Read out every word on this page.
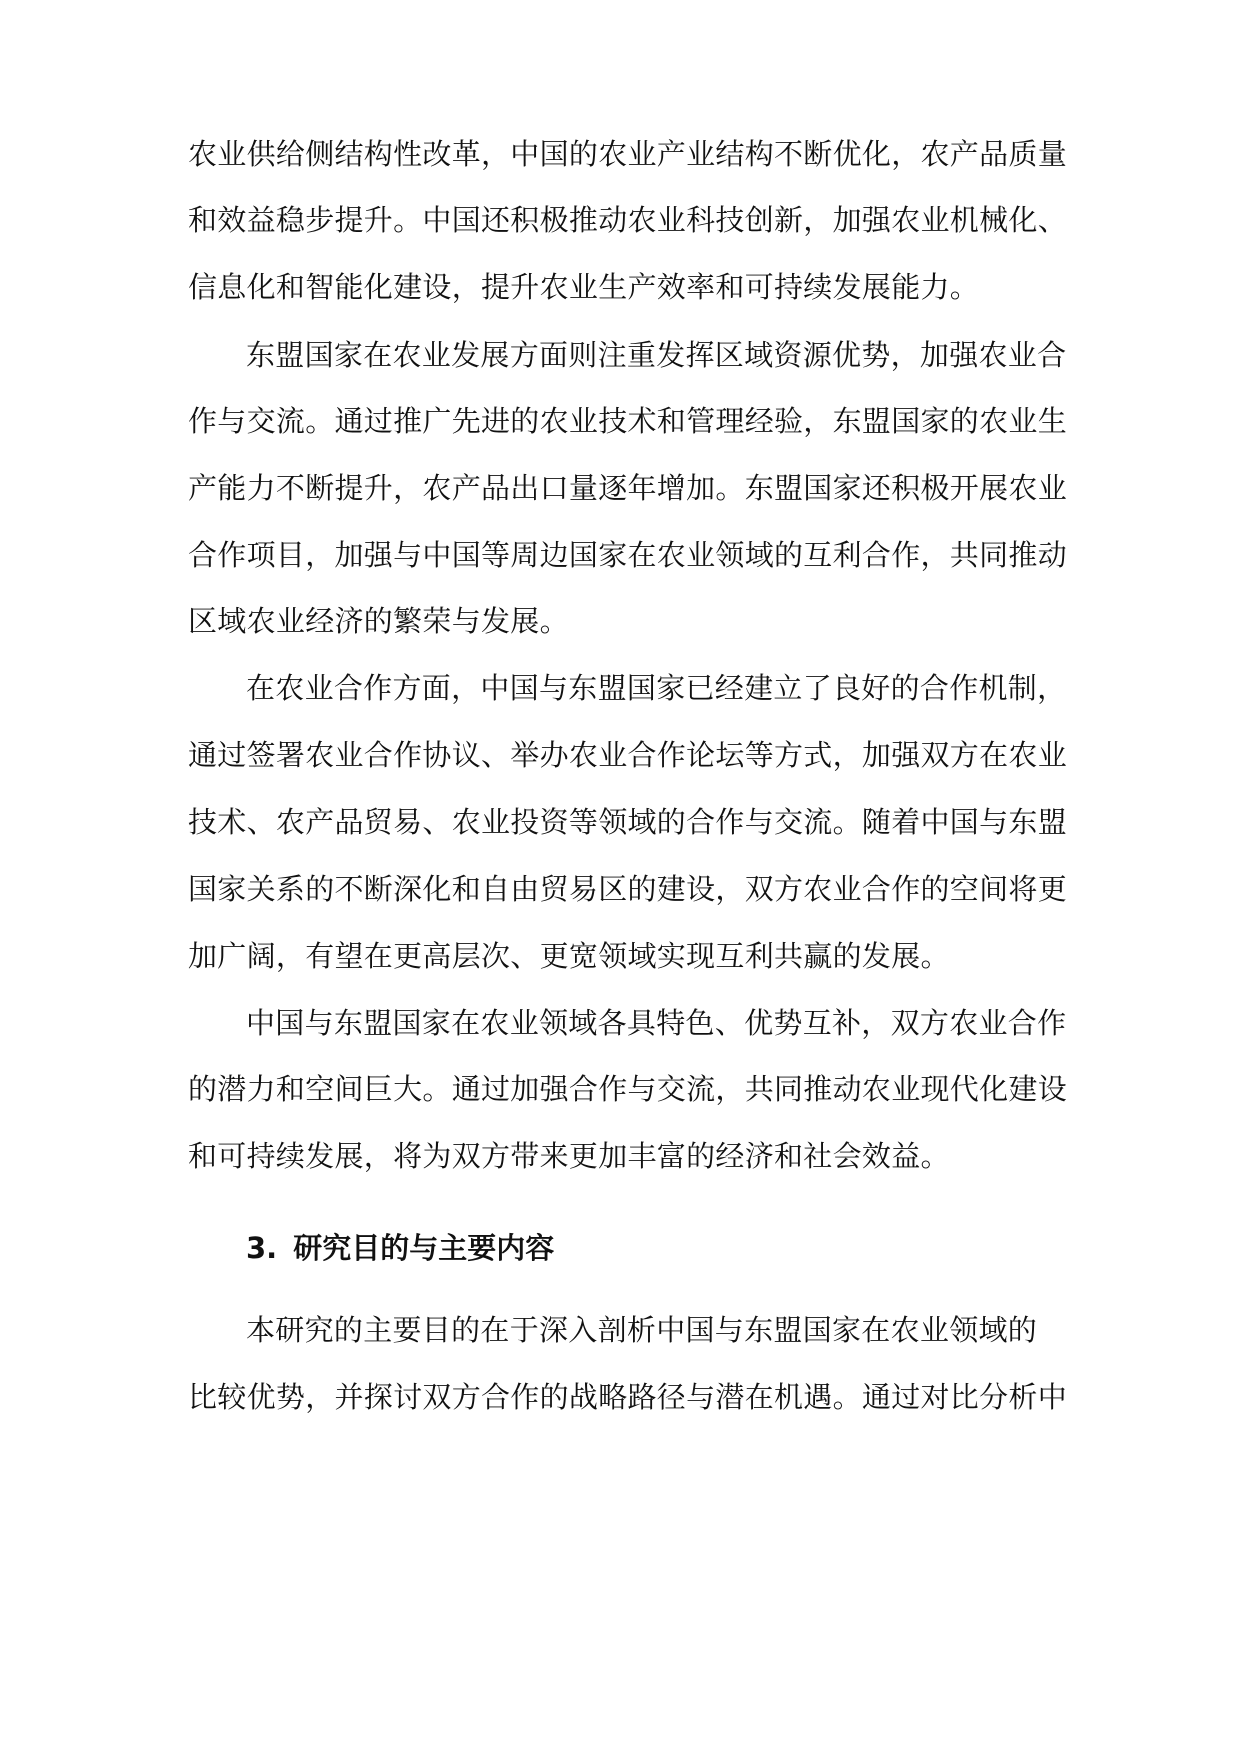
农业供给侧结构性改革，中国的农业产业结构不断优化，农产品质量

和效益稳步提升。中国还积极推动农业科技创新，加强农业机械化、

信息化和智能化建设，提升农业生产效率和可持续发展能力。

东盟国家在农业发展方面则注重发挥区域资源优势，加强农业合

作与交流。通过推广先进的农业技术和管理经验，东盟国家的农业生

产能力不断提升，农产品出口量逐年增加。东盟国家还积极开展农业

合作项目，加强与中国等周边国家在农业领域的互利合作，共同推动

区域农业经济的繁荣与发展。

在农业合作方面，中国与东盟国家已经建立了良好的合作机制，

通过签署农业合作协议、举办农业合作论坛等方式，加强双方在农业

技术、农产品贸易、农业投资等领域的合作与交流。随着中国与东盟

国家关系的不断深化和自由贸易区的建设，双方农业合作的空间将更

加广阔，有望在更高层次、更宽领域实现互利共赢的发展。

中国与东盟国家在农业领域各具特色、优势互补，双方农业合作

的潜力和空间巨大。通过加强合作与交流，共同推动农业现代化建设

和可持续发展，将为双方带来更加丰富的经济和社会效益。

3. 研究目的与主要内容

本研究的主要目的在于深入剖析中国与东盟国家在农业领域的

比较优势，并探讨双方合作的战略路径与潜在机遇。通过对比分析中
